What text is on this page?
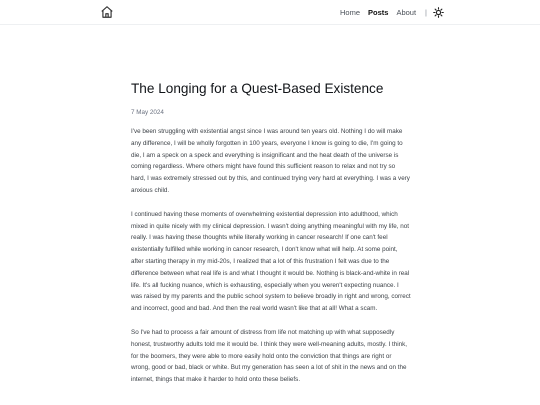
Home Posts About |
The Longing for a Quest-Based Existence
7 May 2024

I've been struggling with existential angst since I was around ten years old. Nothing I do will make any difference, I will be wholly forgotten in 100 years, everyone I know is going to die, I'm going to die, I am a speck on a speck and everything is insignificant and the heat death of the universe is coming regardless. Where others might have found this sufficient reason to relax and not try so hard, I was extremely stressed out by this, and continued trying very hard at everything. I was a very anxious child.

I continued having these moments of overwhelming existential depression into adulthood, which mixed in quite nicely with my clinical depression. I wasn't doing anything meaningful with my life, not really. I was having these thoughts while literally working in cancer research! If one can't feel existentially fulfilled while working in cancer research, I don't know what will help. At some point, after starting therapy in my mid-20s, I realized that a lot of this frustration I felt was due to the difference between what real life is and what I thought it would be. Nothing is black-and-white in real life. It's all fucking nuance, which is exhausting, especially when you weren't expecting nuance. I was raised by my parents and the public school system to believe broadly in right and wrong, correct and incorrect, good and bad. And then the real world wasn't like that at all! What a scam.

So I've had to process a fair amount of distress from life not matching up with what supposedly honest, trustworthy adults told me it would be. I think they were well-meaning adults, mostly. I think, for the boomers, they were able to more easily hold onto the conviction that things are right or wrong, good or bad, black or white. But my generation has seen a lot of shit in the news and on the internet, things that make it harder to hold onto these beliefs.
